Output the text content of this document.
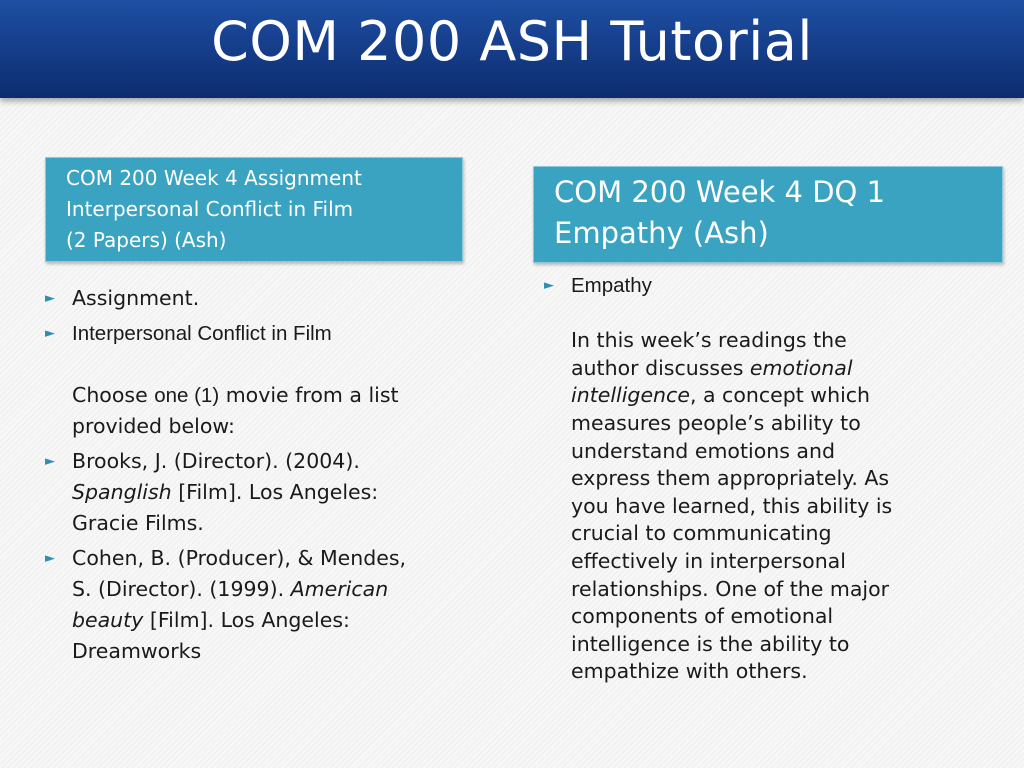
COM 200 ASH Tutorial
COM 200 Week 4 Assignment
Interpersonal Conflict in Film
(2 Papers) (Ash)
COM 200 Week 4 DQ 1
Empathy (Ash)
► Assignment.
► Interpersonal Conflict in Film
Choose one (1) movie from a list
provided below:
► Brooks, J. (Director). (2004).
Spanglish [Film]. Los Angeles:
Gracie Films.
► Cohen, B. (Producer), & Mendes,
S. (Director). (1999). American
beauty [Film]. Los Angeles:
Dreamworks
► Empathy
In this week’s readings the
author discusses emotional
intelligence, a concept which
measures people’s ability to
understand emotions and
express them appropriately. As
you have learned, this ability is
crucial to communicating
effectively in interpersonal
relationships. One of the major
components of emotional
intelligence is the ability to
empathize with others.
